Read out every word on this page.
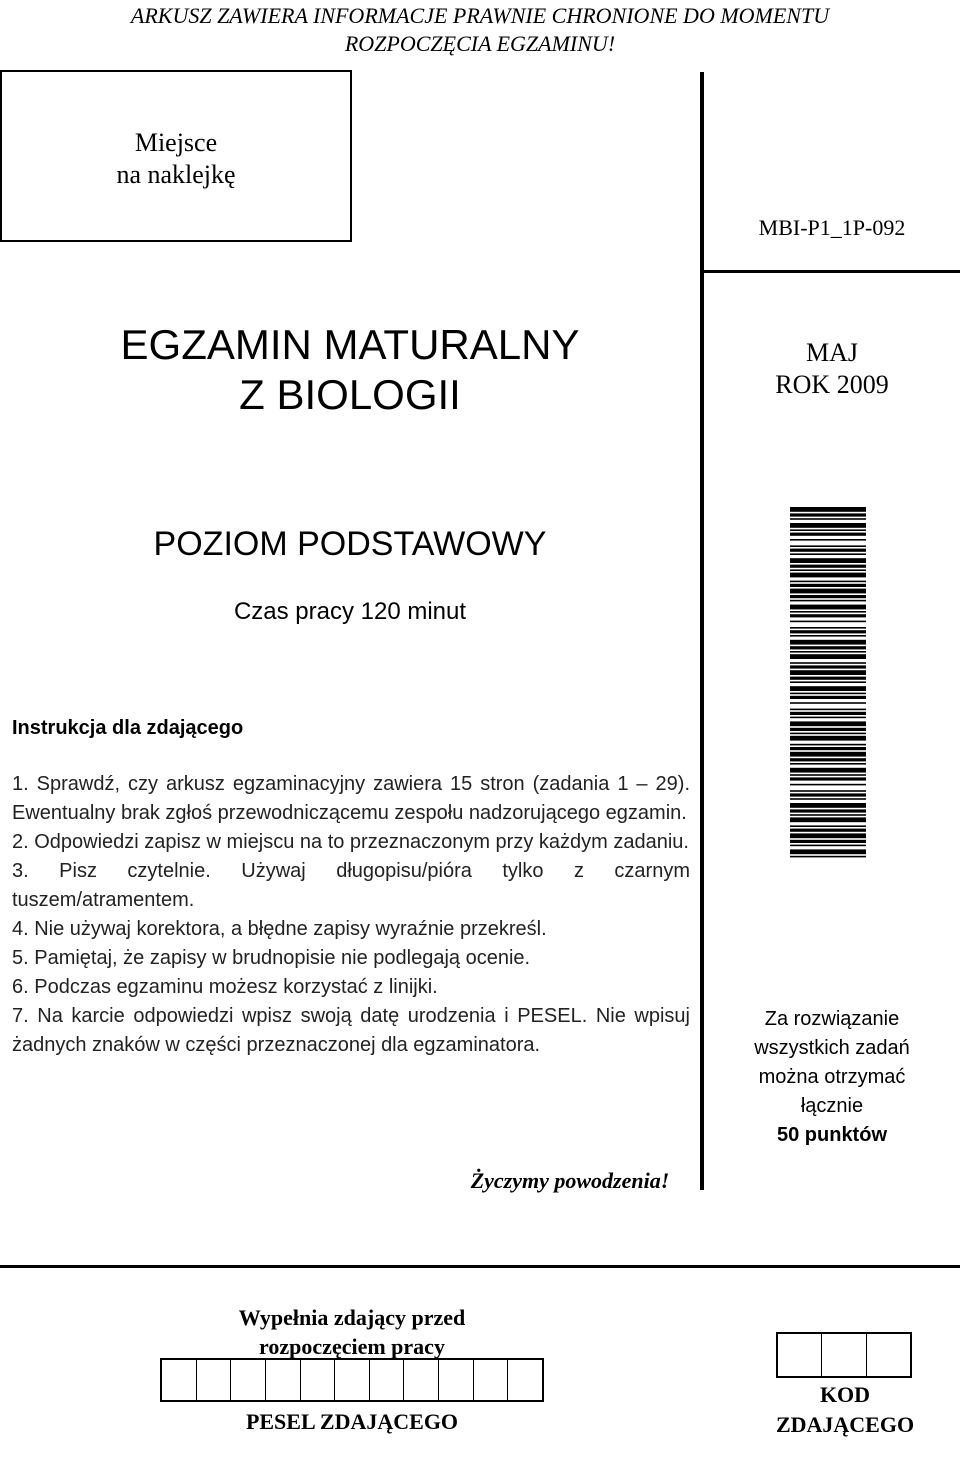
ARKUSZ ZAWIERA INFORMACJE PRAWNIE CHRONIONE DO MOMENTU
ROZPOCZĘCIA EGZAMINU!
Miejsce
na naklejkę
MBI-P1_1P-092
EGZAMIN MATURALNY
Z BIOLOGII
MAJ
ROK 2009
POZIOM PODSTAWOWY
Czas pracy 120 minut
Instrukcja dla zdającego

1. Sprawdź, czy arkusz egzaminacyjny zawiera 15 stron (zadania 1 – 29). Ewentualny brak zgłoś przewodniczącemu zespołu nadzorującego egzamin.

2. Odpowiedzi zapisz w miejscu na to przeznaczonym przy każdym zadaniu.

3. Pisz czytelnie. Używaj długopisu/pióra tylko z czarnym tuszem/atramentem.

4. Nie używaj korektora, a błędne zapisy wyraźnie przekreśl.

5. Pamiętaj, że zapisy w brudnopisie nie podlegają ocenie.

6. Podczas egzaminu możesz korzystać z linijki.

7. Na karcie odpowiedzi wpisz swoją datę urodzenia i PESEL. Nie wpisuj żadnych znaków w części przeznaczonej dla egzaminatora.

Za rozwiązanie
wszystkich zadań
można otrzymać
łącznie
50 punktów
Życzymy powodzenia!
Wypełnia zdający przed
rozpoczęciem pracy
PESEL ZDAJĄCEGO
KOD
ZDAJĄCEGO
